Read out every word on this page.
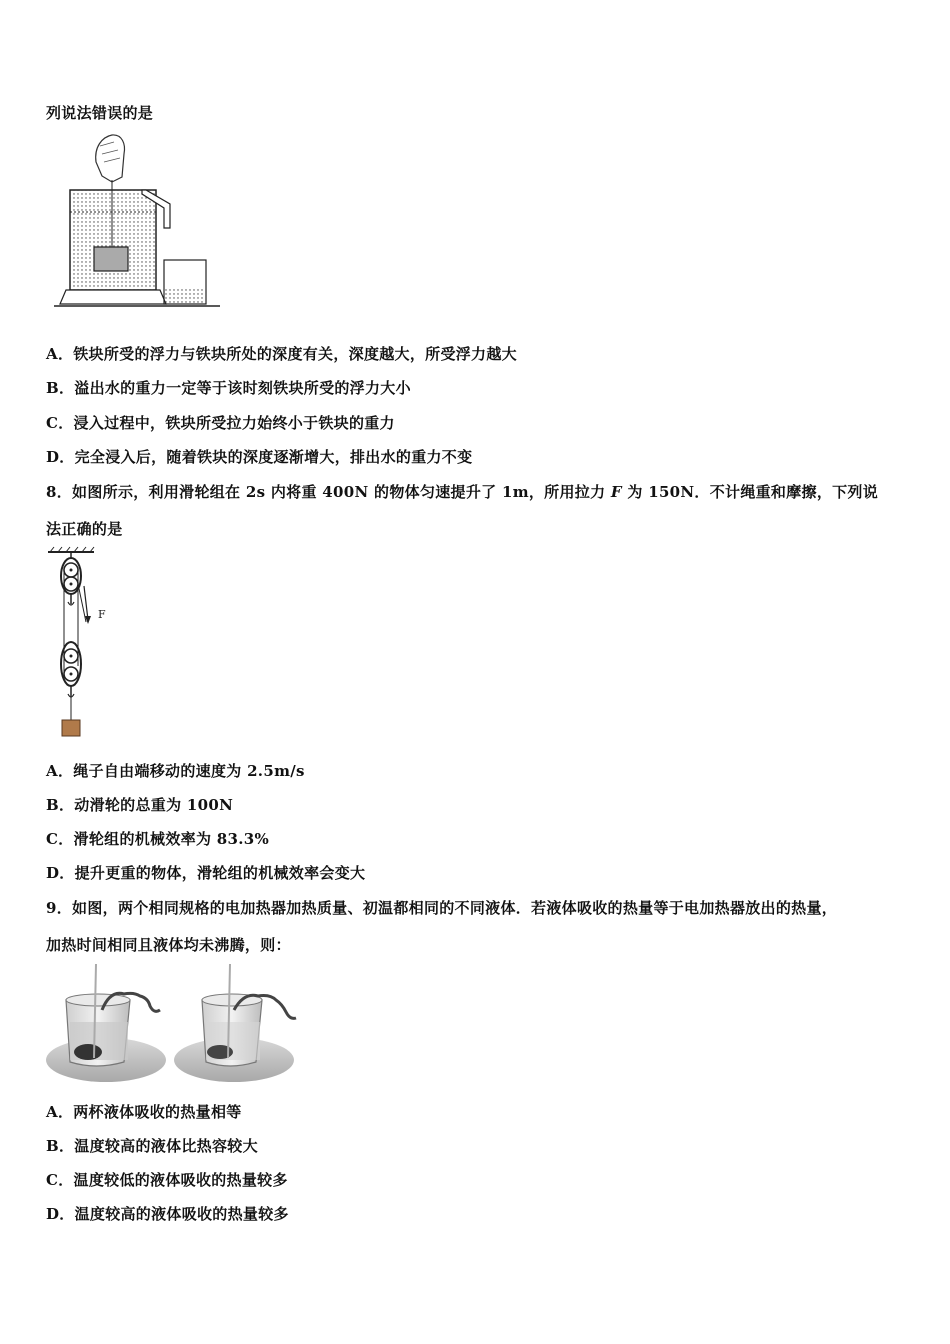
列说法错误的是
A．铁块所受的浮力与铁块所处的深度有关，深度越大，所受浮力越大
B．溢出水的重力一定等于该时刻铁块所受的浮力大小
C．浸入过程中，铁块所受拉力始终小于铁块的重力
D．完全浸入后，随着铁块的深度逐渐增大，排出水的重力不变
8．如图所示，利用滑轮组在 2s 内将重 400N 的物体匀速提升了 1m，所用拉力 F 为 150N．不计绳重和摩擦，下列说
法正确的是
F
A．绳子自由端移动的速度为 2.5m/s
B．动滑轮的总重为 100N
C．滑轮组的机械效率为 83.3%
D．提升更重的物体，滑轮组的机械效率会变大
9．如图，两个相同规格的电加热器加热质量、初温都相同的不同液体．若液体吸收的热量等于电加热器放出的热量，
加热时间相同且液体均未沸腾，则：
A．两杯液体吸收的热量相等
B．温度较高的液体比热容较大
C．温度较低的液体吸收的热量较多
D．温度较高的液体吸收的热量较多
